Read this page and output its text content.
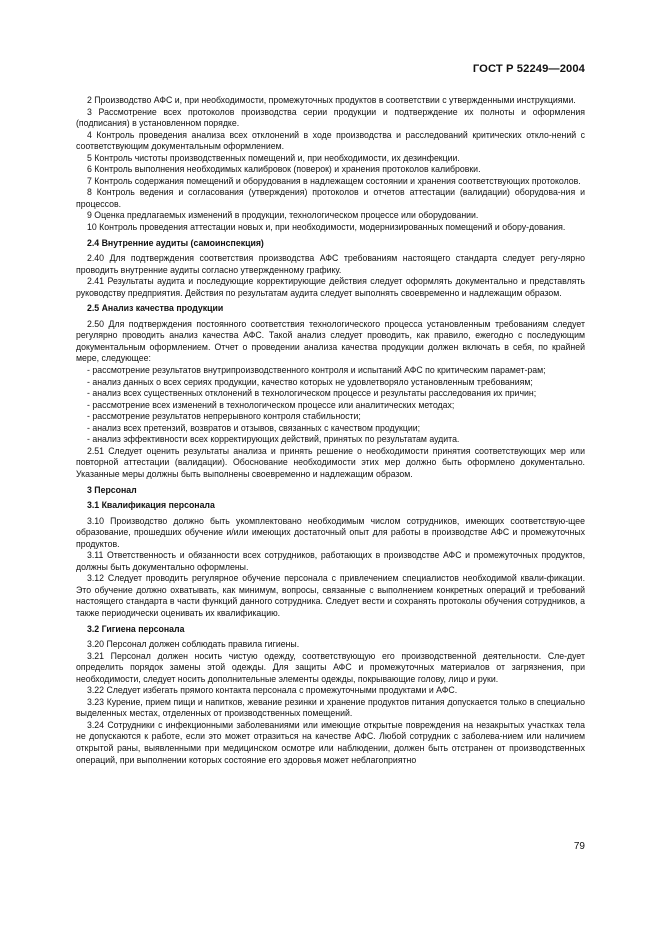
ГОСТ Р 52249—2004
2 Производство АФС и, при необходимости, промежуточных продуктов в соответствии с утвержденными инструкциями.
3 Рассмотрение всех протоколов производства серии продукции и подтверждение их полноты и оформления (подписания) в установленном порядке.
4 Контроль проведения анализа всех отклонений в ходе производства и расследований критических откло-нений с соответствующим документальным оформлением.
5 Контроль чистоты производственных помещений и, при необходимости, их дезинфекции.
6 Контроль выполнения необходимых калибровок (поверок) и хранения протоколов калибровки.
7 Контроль содержания помещений и оборудования в надлежащем состоянии и хранения соответствующих протоколов.
8 Контроль ведения и согласования (утверждения) протоколов и отчетов аттестации (валидации) оборудова-ния и процессов.
9 Оценка предлагаемых изменений в продукции, технологическом процессе или оборудовании.
10 Контроль проведения аттестации новых и, при необходимости, модернизированных помещений и обору-дования.
2.4 Внутренние аудиты (самоинспекция)
2.40 Для подтверждения соответствия производства АФС требованиям настоящего стандарта следует регу-лярно проводить внутренние аудиты согласно утвержденному графику.
2.41 Результаты аудита и последующие корректирующие действия следует оформлять документально и представлять руководству предприятия. Действия по результатам аудита следует выполнять своевременно и надлежащим образом.
2.5 Анализ качества продукции
2.50 Для подтверждения постоянного соответствия технологического процесса установленным требованиям следует регулярно проводить анализ качества АФС. Такой анализ следует проводить, как правило, ежегодно с последующим документальным оформлением. Отчет о проведении анализа качества продукции должен включать в себя, по крайней мере, следующее:
- рассмотрение результатов внутрипроизводственного контроля и испытаний АФС по критическим парамет-рам;
- анализ данных о всех сериях продукции, качество которых не удовлетворяло установленным требованиям;
- анализ всех существенных отклонений в технологическом процессе и результаты расследования их причин;
- рассмотрение всех изменений в технологическом процессе или аналитических методах;
- рассмотрение результатов непрерывного контроля стабильности;
- анализ всех претензий, возвратов и отзывов, связанных с качеством продукции;
- анализ эффективности всех корректирующих действий, принятых по результатам аудита.
2.51 Следует оценить результаты анализа и принять решение о необходимости принятия соответствующих мер или повторной аттестации (валидации). Обоснование необходимости этих мер должно быть оформлено документально. Указанные меры должны быть выполнены своевременно и надлежащим образом.
3 Персонал
3.1 Квалификация персонала
3.10 Производство должно быть укомплектовано необходимым числом сотрудников, имеющих соответствую-щее образование, прошедших обучение и/или имеющих достаточный опыт для работы в производстве АФС и промежуточных продуктов.
3.11 Ответственность и обязанности всех сотрудников, работающих в производстве АФС и промежуточных продуктов, должны быть документально оформлены.
3.12 Следует проводить регулярное обучение персонала с привлечением специалистов необходимой квали-фикации. Это обучение должно охватывать, как минимум, вопросы, связанные с выполнением конкретных операций и требований настоящего стандарта в части функций данного сотрудника. Следует вести и сохранять протоколы обучения сотрудников, а также периодически оценивать их квалификацию.
3.2 Гигиена персонала
3.20 Персонал должен соблюдать правила гигиены.
3.21 Персонал должен носить чистую одежду, соответствующую его производственной деятельности. Сле-дует определить порядок замены этой одежды. Для защиты АФС и промежуточных материалов от загрязнения, при необходимости, следует носить дополнительные элементы одежды, покрывающие голову, лицо и руки.
3.22 Следует избегать прямого контакта персонала с промежуточными продуктами и АФС.
3.23 Курение, прием пищи и напитков, жевание резинки и хранение продуктов питания допускается только в специально выделенных местах, отделенных от производственных помещений.
3.24 Сотрудники с инфекционными заболеваниями или имеющие открытые повреждения на незакрытых участках тела не допускаются к работе, если это может отразиться на качестве АФС. Любой сотрудник с заболева-нием или наличием открытой раны, выявленными при медицинском осмотре или наблюдении, должен быть отстранен от производственных операций, при выполнении которых состояние его здоровья может неблагоприятно
79
